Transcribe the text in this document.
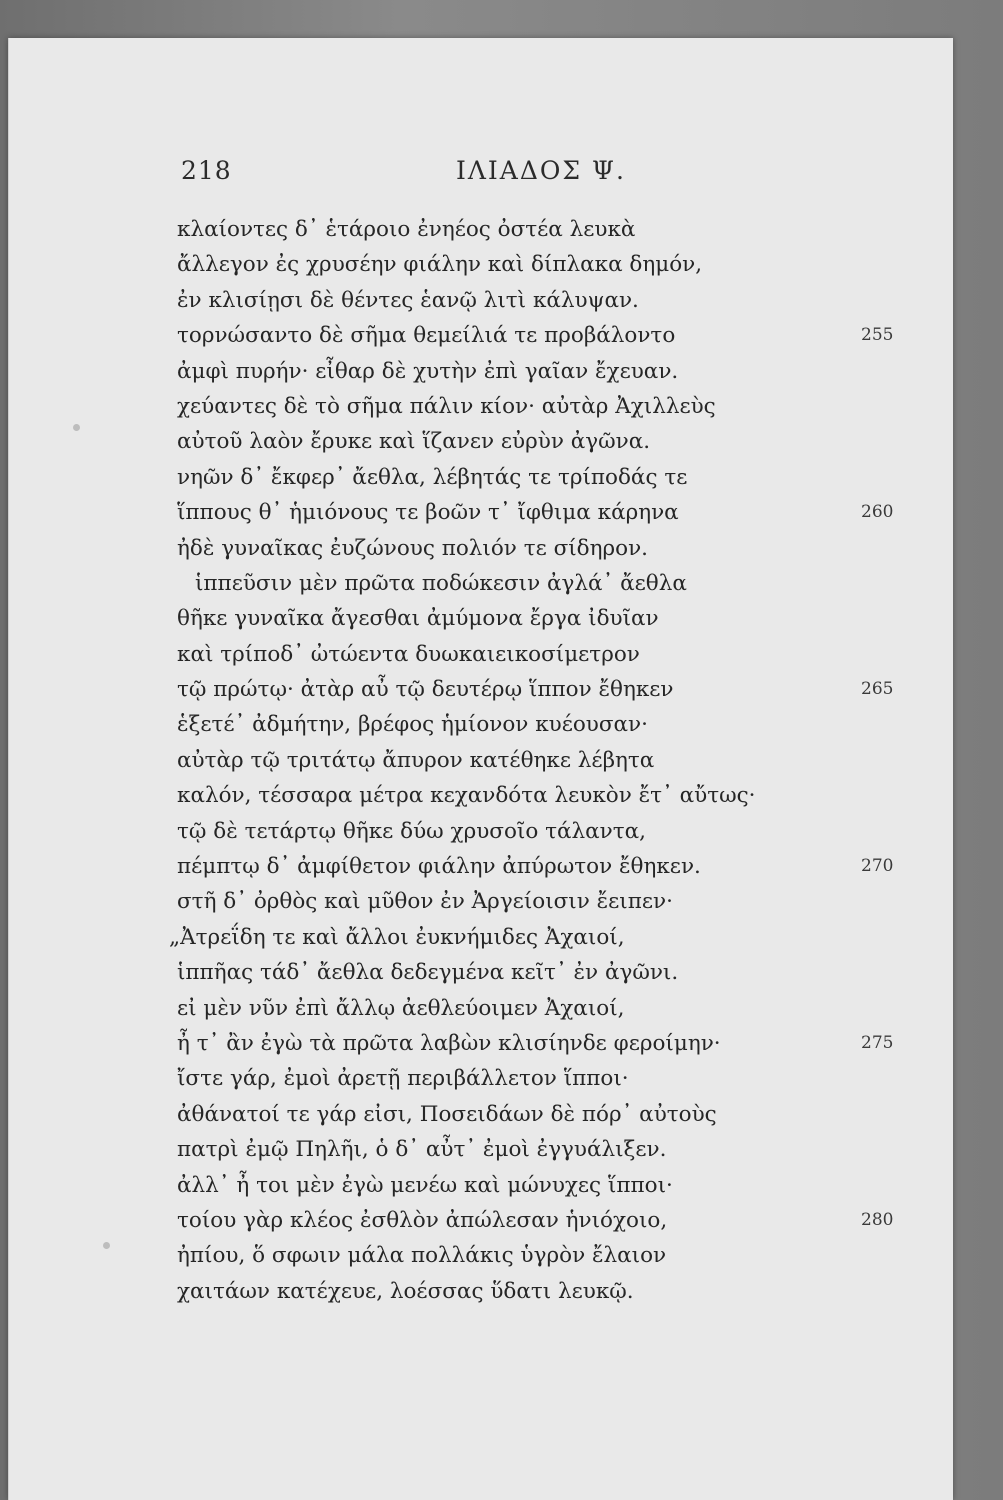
218	ΙΛΙΑΔΟΣ Ψ.
κλαίοντες δ᾽ ἑτάροιο ἐνηέος ὀστέα λευκὰ
ἄλλεγον ἐς χρυσέην φιάλην καὶ δίπλακα δημόν,
ἐν κλισίῃσι δὲ θέντες ἑανῷ λιτὶ κάλυψαν.
τορνώσαντο δὲ σῆμα θεμείλιά τε προβάλοντο	255
ἀμφὶ πυρήν· εἶθαρ δὲ χυτὴν ἐπὶ γαῖαν ἔχευαν.
χεύαντες δὲ τὸ σῆμα πάλιν κίον· αὐτὰρ Ἀχιλλεὺς
αὐτοῦ λαὸν ἔρυκε καὶ ἵζανεν εὐρὺν ἀγῶνα.
νηῶν δ᾽ ἔκφερ᾽ ἄεθλα, λέβητάς τε τρίποδάς τε
ἵππους θ᾽ ἡμιόνους τε βοῶν τ᾽ ἴφθιμα κάρηνα	260
ἠδὲ γυναῖκας ἐυζώνους πολιόν τε σίδηρον.
ἱππεῦσιν μὲν πρῶτα ποδώκεσιν ἀγλά᾽ ἄεθλα
θῆκε γυναῖκα ἄγεσθαι ἀμύμονα ἔργα ἰδυῖαν
καὶ τρίποδ᾽ ὠτώεντα δυωκαιεικοσίμετρον
τῷ πρώτῳ· ἀτὰρ αὖ τῷ δευτέρῳ ἵππον ἔθηκεν	265
ἑξετέ᾽ ἀδμήτην, βρέφος ἡμίονον κυέουσαν·
αὐτὰρ τῷ τριτάτῳ ἄπυρον κατέθηκε λέβητα
καλόν, τέσσαρα μέτρα κεχανδότα λευκὸν ἔτ᾽ αὔτως·
τῷ δὲ τετάρτῳ θῆκε δύω χρυσοῖο τάλαντα,
πέμπτῳ δ᾽ ἀμφίθετον φιάλην ἀπύρωτον ἔθηκεν.	270
στῆ δ᾽ ὀρθὸς καὶ μῦθον ἐν Ἀργείοισιν ἔειπεν·
„Ἀτρεΐδη τε καὶ ἄλλοι ἐυκνήμιδες Ἀχαιοί,
ἱππῆας τάδ᾽ ἄεθλα δεδεγμένα κεῖτ᾽ ἐν ἀγῶνι.
εἰ μὲν νῦν ἐπὶ ἄλλῳ ἀεθλεύοιμεν Ἀχαιοί,
ἦ τ᾽ ἂν ἐγὼ τὰ πρῶτα λαβὼν κλισίηνδε φεροίμην·	275
ἴστε γάρ, ἐμοὶ ἀρετῇ περιβάλλετον ἵπποι·
ἀθάνατοί τε γάρ εἰσι, Ποσειδάων δὲ πόρ᾽ αὐτοὺς
πατρὶ ἐμῷ Πηλῆι, ὁ δ᾽ αὖτ᾽ ἐμοὶ ἐγγυάλιξεν.
ἀλλ᾽ ἦ τοι μὲν ἐγὼ μενέω καὶ μώνυχες ἵπποι·
τοίου γὰρ κλέος ἐσθλὸν ἀπώλεσαν ἡνιόχοιο,	280
ἠπίου, ὅ σφωιν μάλα πολλάκις ὑγρὸν ἔλαιον
χαιτάων κατέχευε, λοέσσας ὕδατι λευκῷ.
